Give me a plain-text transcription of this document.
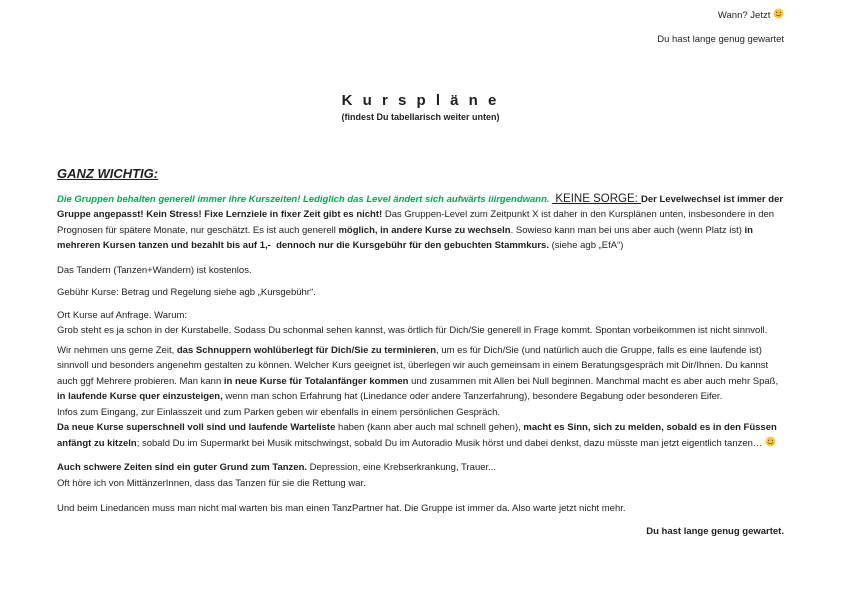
Wann? Jetzt
Du hast lange genug gewartet
K u r s p l ä n e
(findest Du tabellarisch weiter unten)
GANZ WICHTIG:
Die Gruppen behalten generell immer ihre Kurszeiten! Lediglich das Level ändert sich aufwärts iiirgendwann.  KEINE SORGE: Der Levelwechsel ist immer der Gruppe angepasst! Kein Stress! Fixe Lernziele in fixer Zeit gibt es nicht! Das Gruppen-Level zum Zeitpunkt X ist daher in den Kursplänen unten, insbesondere in den Prognosen für spätere Monate, nur geschätzt. Es ist auch generell möglich, in andere Kurse zu wechseln. Sowieso kann man bei uns aber auch (wenn Platz ist) in mehreren Kursen tanzen und bezahlt bis auf 1,-  dennoch nur die Kursgebühr für den gebuchten Stammkurs. (siehe agb „EfA“)
Das Tandern (Tanzen+Wandern) ist kostenlos.
Gebühr Kurse: Betrag und Regelung siehe agb „Kursgebühr“.
Ort Kurse auf Anfrage. Warum:
Grob steht es ja schon in der Kurstabelle. Sodass Du schonmal sehen kannst, was örtlich für Dich/Sie generell in Frage kommt. Spontan vorbeikommen ist nicht sinnvoll.
Wir nehmen uns gerne Zeit, das Schnuppern wohlüberlegt für Dich/Sie zu terminieren, um es für Dich/Sie (und natürlich auch die Gruppe, falls es eine laufende ist) sinnvoll und besonders angenehm gestalten zu können. Welcher Kurs geeignet ist, überlegen wir auch gemeinsam in einem Beratungsgespräch mit Dir/Ihnen. Du kannst auch ggf Mehrere probieren. Man kann in neue Kurse für Totalanfänger kommen und zusammen mit Allen bei Null beginnen. Manchmal macht es aber auch mehr Spaß, in laufende Kurse quer einzusteigen, wenn man schon Erfahrung hat (Linedance oder andere Tanzerfahrung), besondere Begabung oder besonderen Eifer.
Infos zum Eingang, zur Einlasszeit und zum Parken geben wir ebenfalls in einem persönlichen Gespräch.
Da neue Kurse superschnell voll sind und laufende Warteliste haben (kann aber auch mal schnell gehen), macht es Sinn, sich zu melden, sobald es in den Füssen anfängt zu kitzeln; sobald Du im Supermarkt bei Musik mitschwingst, sobald Du im Autoradio Musik hörst und dabei denkst, dazu müsste man jetzt eigentlich tanzen…
Auch schwere Zeiten sind ein guter Grund zum Tanzen. Depression, eine Krebserkrankung, Trauer...
Oft höre ich von MittänzerInnen, dass das Tanzen für sie die Rettung war.
Und beim Linedancen muss man nicht mal warten bis man einen TanzPartner hat. Die Gruppe ist immer da. Also warte jetzt nicht mehr.
Du hast lange genug gewartet.
